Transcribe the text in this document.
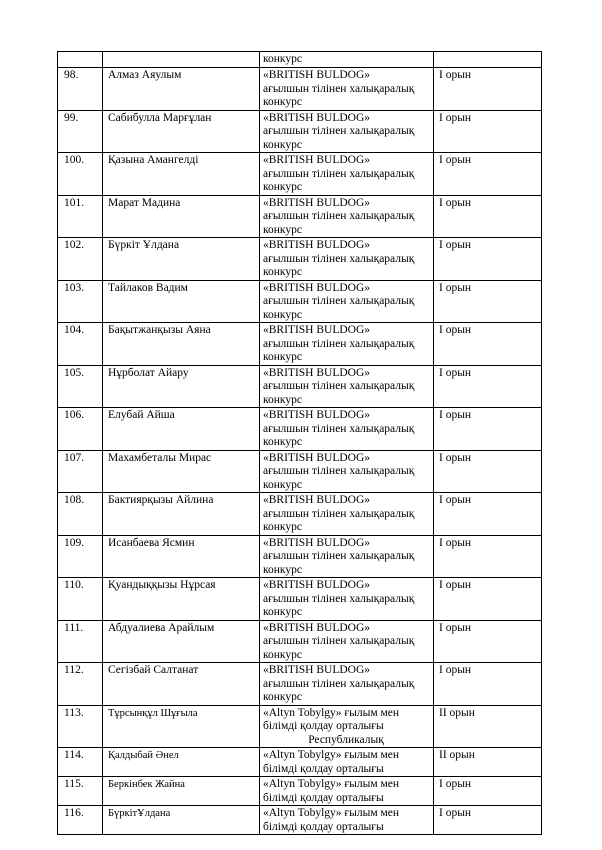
		конкурс	

98.	Алмаз Аяулым	«BRITISH BULDOG»
ағылшын тілінен халықаралық
конкурс	I орын
99.	Сабибулла Марғұлан	«BRITISH BULDOG»
ағылшын тілінен халықаралық
конкурс	I орын
100.	Қазына Амангелді	«BRITISH BULDOG»
ағылшын тілінен халықаралық
конкурс	I орын
101.	Марат Мадина	«BRITISH BULDOG»
ағылшын тілінен халықаралық
конкурс	I орын
102.	Бүркіт Ұлдана	«BRITISH BULDOG»
ағылшын тілінен халықаралық
конкурс	I орын
103.	Тайлаков Вадим	«BRITISH BULDOG»
ағылшын тілінен халықаралық
конкурс	I орын
104.	Бақытжанқызы Аяна	«BRITISH BULDOG»
ағылшын тілінен халықаралық
конкурс	I орын
105.	Нұрболат Айару	«BRITISH BULDOG»
ағылшын тілінен халықаралық
конкурс	I орын
106.	Елубай Айша	«BRITISH BULDOG»
ағылшын тілінен халықаралық
конкурс	I орын
107.	Махамбеталы Мирас	«BRITISH BULDOG»
ағылшын тілінен халықаралық
конкурс	I орын
108.	Бактиярқызы Айлина	«BRITISH BULDOG»
ағылшын тілінен халықаралық
конкурс	I орын
109.	Исанбаева Ясмин	«BRITISH BULDOG»
ағылшын тілінен халықаралық
конкурс	I орын
110.	Қуандыққызы Нұрсая	«BRITISH BULDOG»
ағылшын тілінен халықаралық
конкурс	I орын
111.	Абдуалиева Арайлым	«BRITISH BULDOG»
ағылшын тілінен халықаралық
конкурс	I орын
112.	Сегізбай Салтанат	«BRITISH BULDOG»
ағылшын тілінен халықаралық
конкурс	I орын
113.	Тұрсынқұл Шұғыла	«Altyn Tobylgy» ғылым мен
білімді қолдау орталығы
Республикалық	II орын
114.	Қалдыбай Әнел	«Altyn Tobylgy» ғылым мен
білімді қолдау орталығы	II орын
115.	Беркінбек Жайна	«Altyn Tobylgy» ғылым мен
білімді қолдау орталығы	I орын
116.	БүркітҰлдана	«Altyn Tobylgy» ғылым мен
білімді қолдау орталығы	I орын
